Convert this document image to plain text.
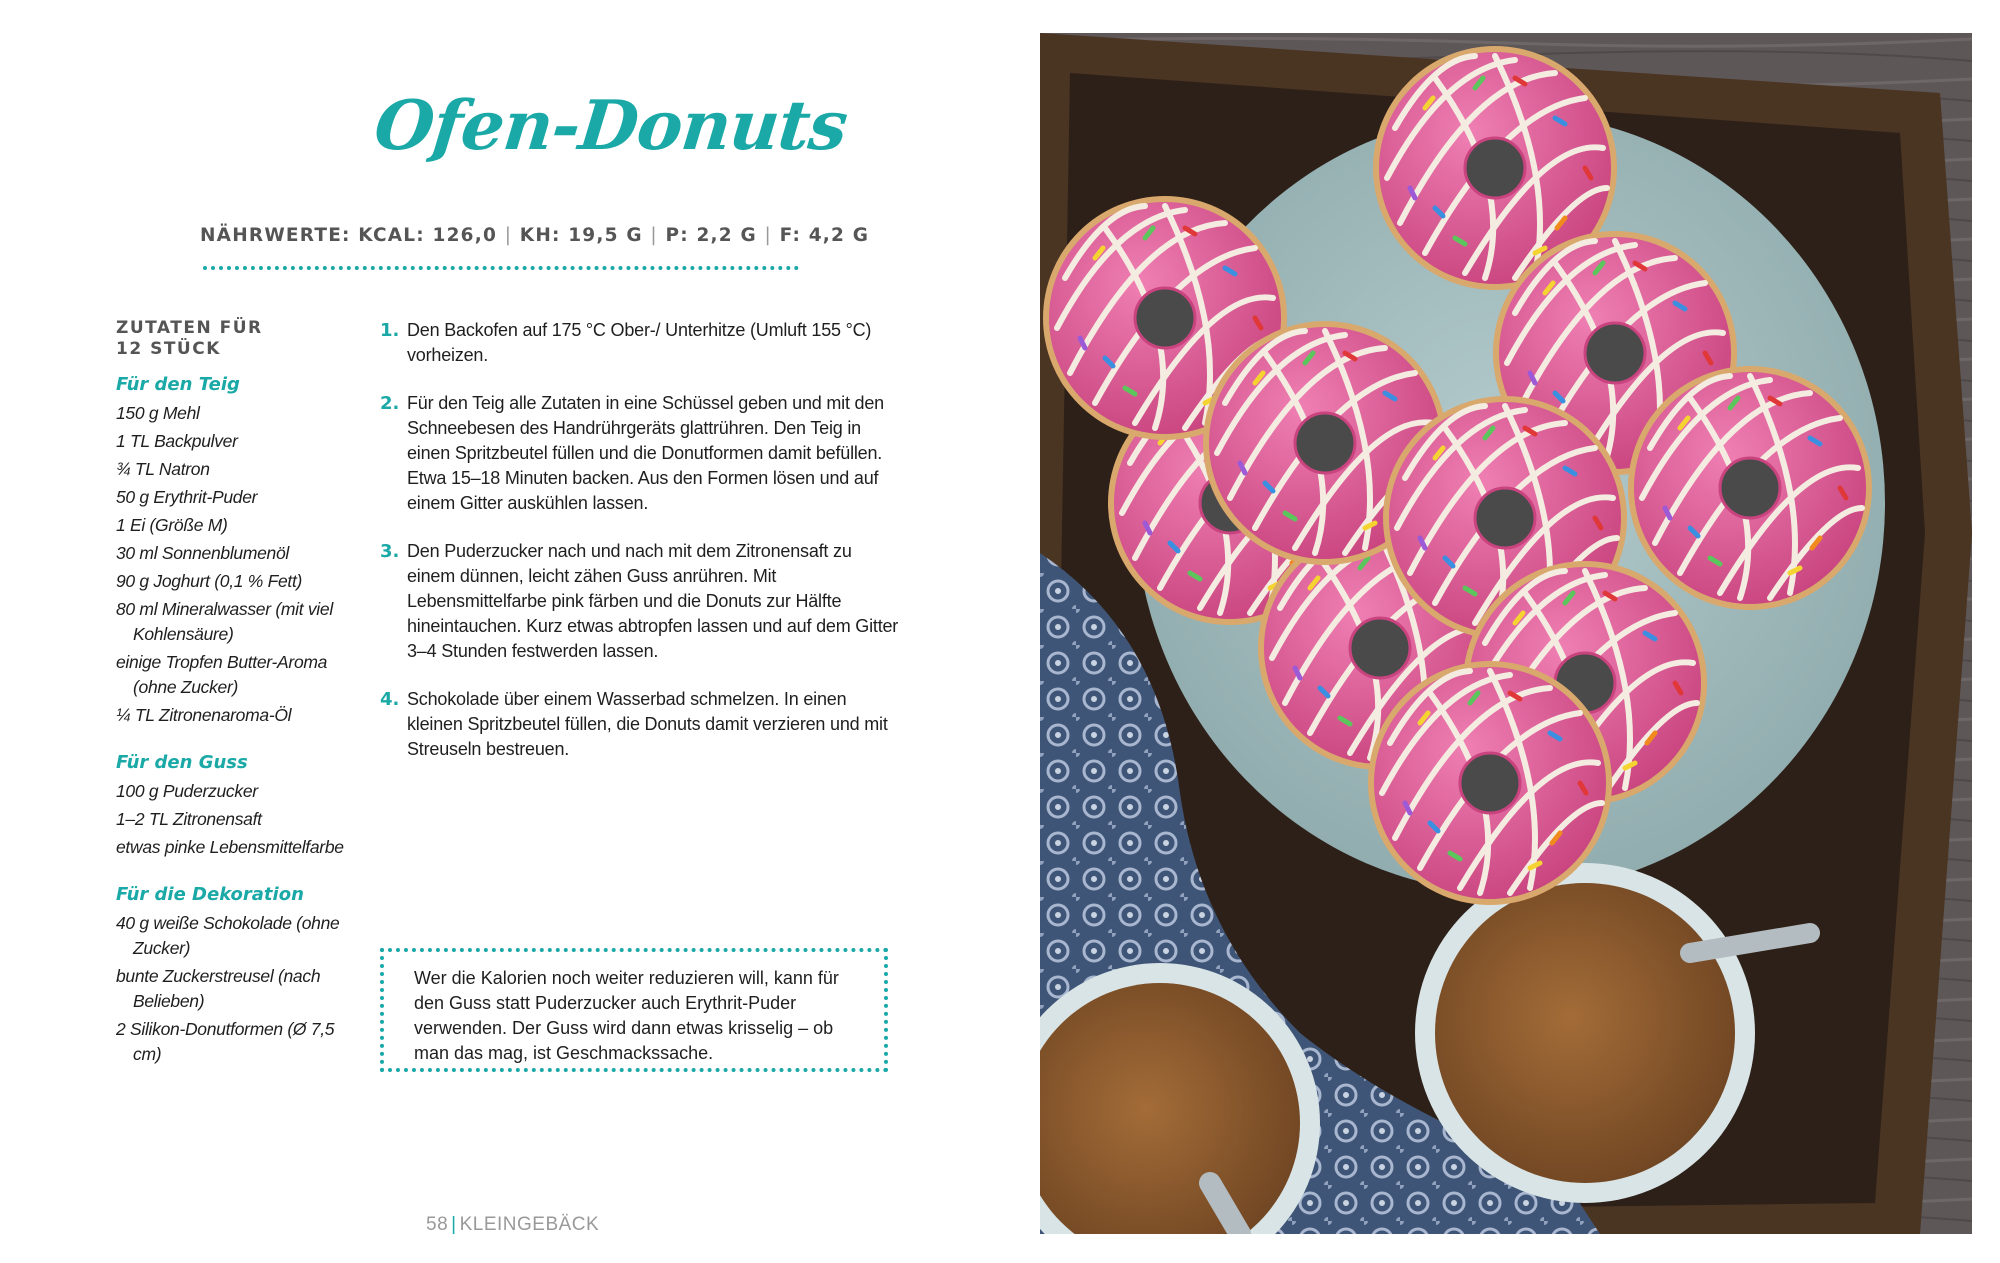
Ofen-Donuts
NÄHRWERTE: KCAL: 126,0 | KH: 19,5 G | P: 2,2 G | F: 4,2 G
ZUTATEN FÜR
12 STÜCK
Für den Teig
150 g Mehl
1 TL Backpulver
¾ TL Natron
50 g Erythrit-Puder
1 Ei (Größe M)
30 ml Sonnenblumenöl
90 g Joghurt (0,1 % Fett)
80 ml Mineralwasser (mit viel Kohlensäure)
einige Tropfen Butter-Aroma (ohne Zucker)
¼ TL Zitronenaroma-Öl
Für den Guss
100 g Puderzucker
1–2 TL Zitronensaft
etwas pinke Lebensmittelfarbe
Für die Dekoration
40 g weiße Schokolade (ohne Zucker)
bunte Zuckerstreusel (nach Belieben)
2 Silikon-Donutformen (Ø 7,5 cm)
1. Den Backofen auf 175 °C Ober-/ Unterhitze (Umluft 155 °C) vorheizen.
2. Für den Teig alle Zutaten in eine Schüssel geben und mit den Schneebesen des Handrührgeräts glattrühren. Den Teig in einen Spritzbeutel füllen und die Donutformen damit befüllen. Etwa 15–18 Minuten backen. Aus den Formen lösen und auf einem Gitter auskühlen lassen.
3. Den Puderzucker nach und nach mit dem Zitronensaft zu einem dünnen, leicht zähen Guss anrühren. Mit Lebensmittelfarbe pink färben und die Donuts zur Hälfte hineintauchen. Kurz etwas abtropfen lassen und auf dem Gitter 3–4 Stunden festwerden lassen.
4. Schokolade über einem Wasserbad schmelzen. In einen kleinen Spritzbeutel füllen, die Donuts damit verzieren und mit Streuseln bestreuen.
Wer die Kalorien noch weiter reduzieren will, kann für den Guss statt Puderzucker auch Erythrit-Puder verwenden. Der Guss wird dann etwas krisselig – ob man das mag, ist Geschmackssache.
58 | KLEINGEBÄCK
